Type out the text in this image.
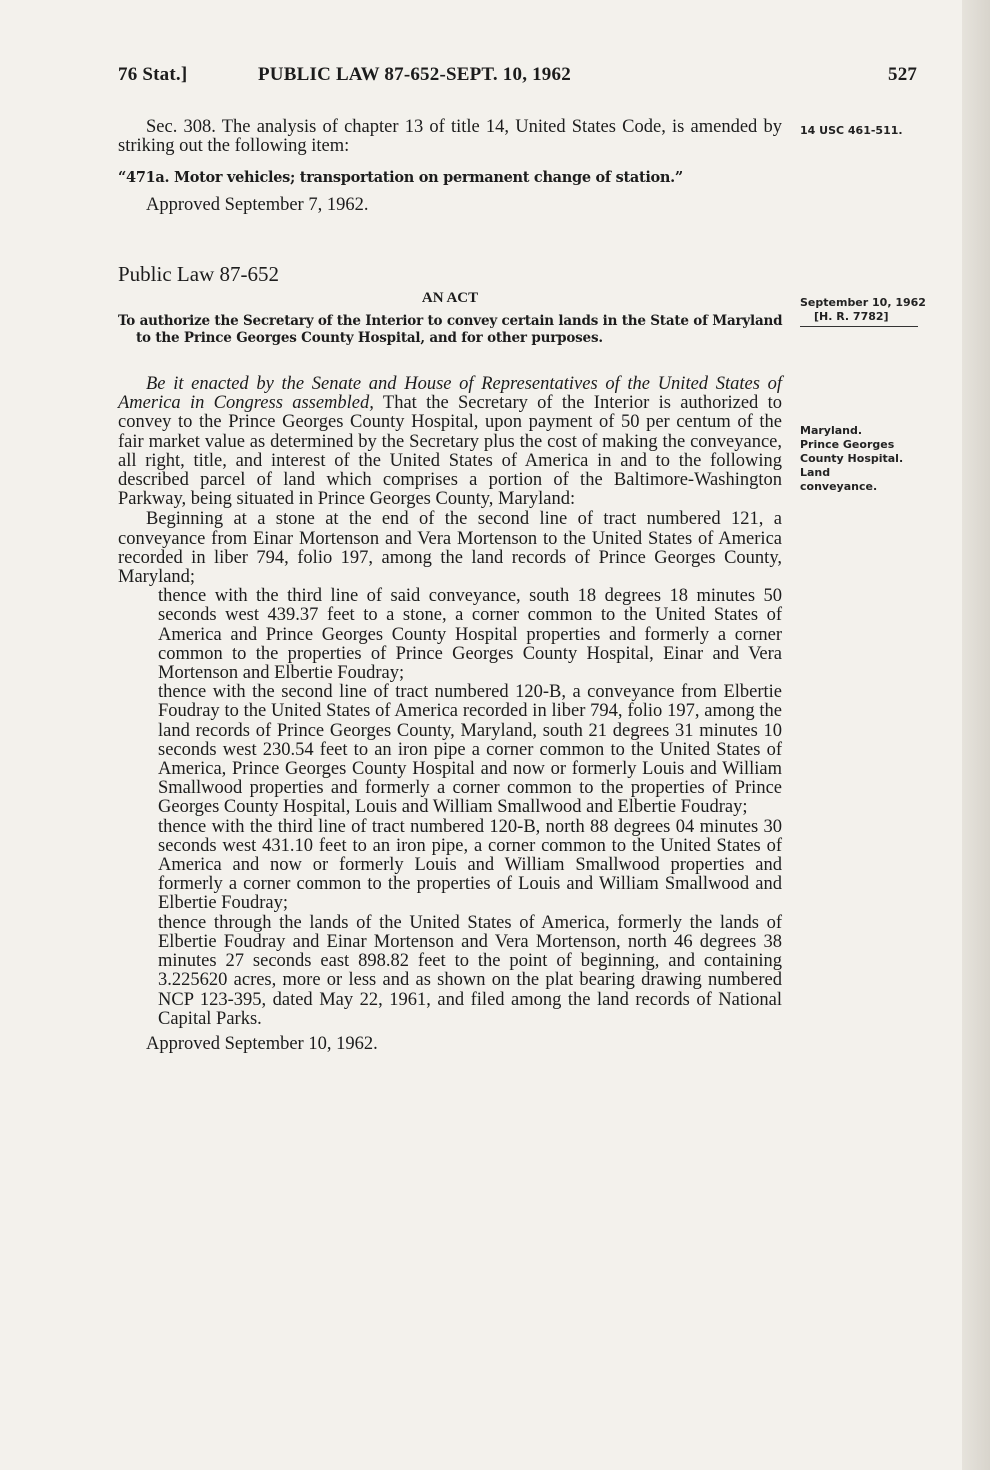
76 Stat.]	PUBLIC LAW 87-652-SEPT. 10, 1962	527

Sec. 308. The analysis of chapter 13 of title 14, United States Code, is amended by striking out the following item:

“471a. Motor vehicles; transportation on permanent change of station.”

Approved September 7, 1962.

14 USC 461-511.
Public Law 87-652
AN ACT
To authorize the Secretary of the Interior to convey certain lands in the State of Maryland to the Prince Georges County Hospital, and for other purposes.
September 10, 1962
[H. R. 7782]

Be it enacted by the Senate and House of Representatives of the United States of America in Congress assembled, That the Secretary of the Interior is authorized to convey to the Prince Georges County Hospital, upon payment of 50 per centum of the fair market value as determined by the Secretary plus the cost of making the conveyance, all right, title, and interest of the United States of America in and to the following described parcel of land which comprises a portion of the Baltimore-Washington Parkway, being situated in Prince Georges County, Maryland:

Beginning at a stone at the end of the second line of tract numbered 121, a conveyance from Einar Mortenson and Vera Mortenson to the United States of America recorded in liber 794, folio 197, among the land records of Prince Georges County, Maryland;

thence with the third line of said conveyance, south 18 degrees 18 minutes 50 seconds west 439.37 feet to a stone, a corner common to the United States of America and Prince Georges County Hospital properties and formerly a corner common to the properties of Prince Georges County Hospital, Einar and Vera Mortenson and Elbertie Foudray;

thence with the second line of tract numbered 120-B, a conveyance from Elbertie Foudray to the United States of America recorded in liber 794, folio 197, among the land records of Prince Georges County, Maryland, south 21 degrees 31 minutes 10 seconds west 230.54 feet to an iron pipe a corner common to the United States of America, Prince Georges County Hospital and now or formerly Louis and William Smallwood properties and formerly a corner common to the properties of Prince Georges County Hospital, Louis and William Smallwood and Elbertie Foudray;

thence with the third line of tract numbered 120-B, north 88 degrees 04 minutes 30 seconds west 431.10 feet to an iron pipe, a corner common to the United States of America and now or formerly Louis and William Smallwood properties and formerly a corner common to the properties of Louis and William Smallwood and Elbertie Foudray;

thence through the lands of the United States of America, formerly the lands of Elbertie Foudray and Einar Mortenson and Vera Mortenson, north 46 degrees 38 minutes 27 seconds east 898.82 feet to the point of beginning, and containing 3.225620 acres, more or less and as shown on the plat bearing drawing numbered NCP 123-395, dated May 22, 1961, and filed among the land records of National Capital Parks.

Approved September 10, 1962.

Maryland.
Prince Georges County Hospital.
Land conveyance.
